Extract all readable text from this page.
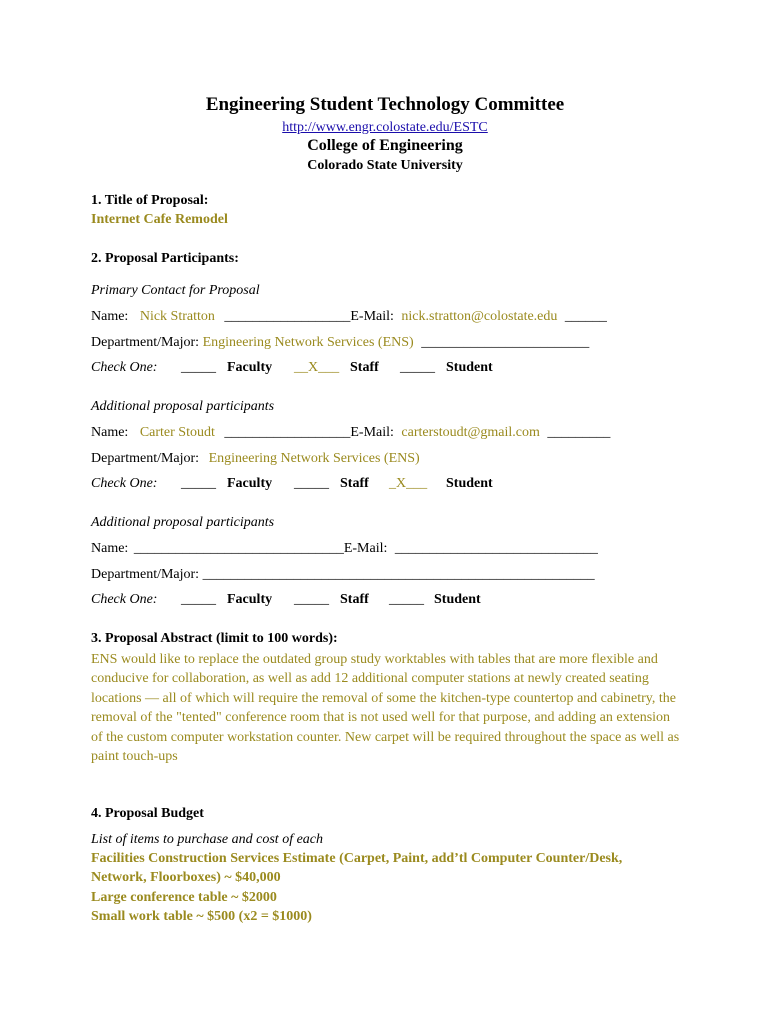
Engineering Student Technology Committee
http://www.engr.colostate.edu/ESTC
College of Engineering
Colorado State University
1. Title of Proposal:
Internet Cafe Remodel
2. Proposal Participants:
Primary Contact for Proposal
Name: Nick Stratton __________________E-Mail: nick.stratton@colostate.edu ______
Department/Major: Engineering Network Services (ENS) ________________________
Check One: _____ Faculty __X___ Staff _____ Student
Additional proposal participants
Name: Carter Stoudt __________________E-Mail: carterstoudt@gmail.com _________
Department/Major: Engineering Network Services (ENS)
Check One: _____ Faculty _____ Staff _X___ Student
Additional proposal participants
Name: ______________________________E-Mail: _____________________________
Department/Major: ________________________________________________________
Check One: _____ Faculty _____ Staff _____ Student
3. Proposal Abstract (limit to 100 words):
ENS would like to replace the outdated group study worktables with tables that are more flexible and conducive for collaboration, as well as add 12 additional computer stations at newly created seating locations — all of which will require the removal of some the kitchen-type countertop and cabinetry, the removal of the "tented" conference room that is not used well for that purpose, and adding an extension of the custom computer workstation counter. New carpet will be required throughout the space as well as paint touch-ups
4. Proposal Budget
List of items to purchase and cost of each
Facilities Construction Services Estimate (Carpet, Paint, add’tl Computer Counter/Desk,
Network, Floorboxes) ~ $40,000
Large conference table ~ $2000
Small work table ~ $500 (x2 = $1000)
